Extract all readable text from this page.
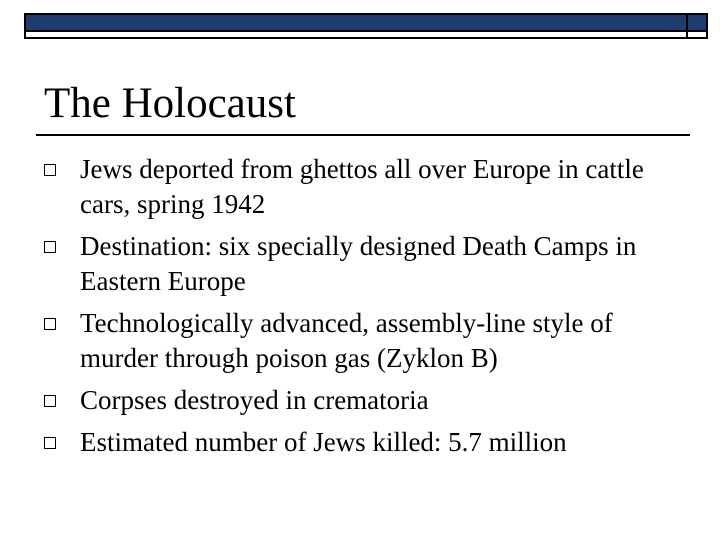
The Holocaust
Jews deported from ghettos all over Europe in cattle cars, spring 1942
Destination: six specially designed Death Camps in Eastern Europe
Technologically advanced, assembly-line style of murder through poison gas (Zyklon B)
Corpses destroyed in crematoria
Estimated number of Jews killed: 5.7 million
